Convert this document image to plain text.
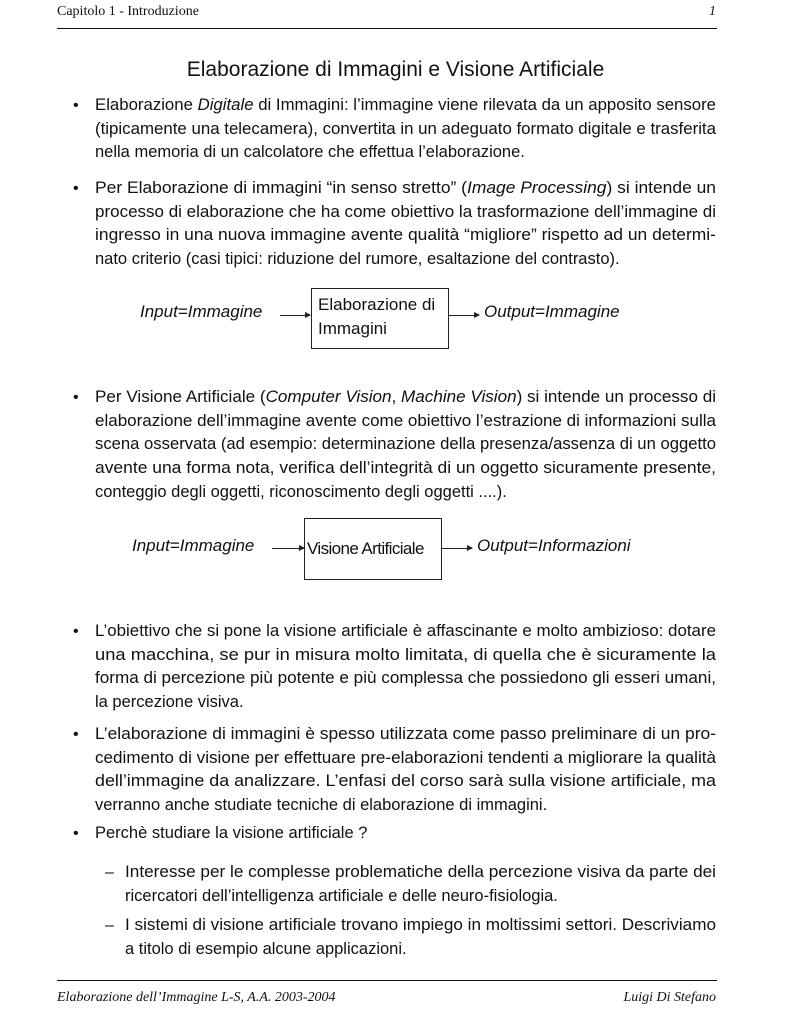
Capitolo 1 - Introduzione	1
Elaborazione di Immagini e Visione Artificiale
• Elaborazione Digitale di Immagini: l’immagine viene rilevata da un apposito sensore
(tipicamente una telecamera), convertita in un adeguato formato digitale e trasferita
nella memoria di un calcolatore che effettua l’elaborazione.
• Per Elaborazione di immagini “in senso stretto” (Image Processing) si intende un
processo di elaborazione che ha come obiettivo la trasformazione dell’immagine di
ingresso in una nuova immagine avente qualità “migliore” rispetto ad un determi-
nato criterio (casi tipici: riduzione del rumore, esaltazione del contrasto).
Input=Immagine	Elaborazione di
Immagini
Output=Immagine
• Per Visione Artificiale (Computer Vision, Machine Vision) si intende un processo di
elaborazione dell’immagine avente come obiettivo l’estrazione di informazioni sulla
scena osservata (ad esempio: determinazione della presenza/assenza di un oggetto
avente una forma nota, verifica dell’integrità di un oggetto sicuramente presente,
conteggio degli oggetti, riconoscimento degli oggetti ....).
Input=Immagine	Visione Artificiale	Output=Informazioni
• L’obiettivo che si pone la visione artificiale è affascinante e molto ambizioso: dotare
una macchina, se pur in misura molto limitata, di quella che è sicuramente la
forma di percezione più potente e più complessa che possiedono gli esseri umani,
la percezione visiva.
• L’elaborazione di immagini è spesso utilizzata come passo preliminare di un pro-
cedimento di visione per effettuare pre-elaborazioni tendenti a migliorare la qualità
dell’immagine da analizzare. L’enfasi del corso sarà sulla visione artificiale, ma
verranno anche studiate tecniche di elaborazione di immagini.
• Perchè studiare la visione artificiale ?
– Interesse per le complesse problematiche della percezione visiva da parte dei
ricercatori dell’intelligenza artificiale e delle neuro-fisiologia.
– I sistemi di visione artificiale trovano impiego in moltissimi settori. Descriviamo
a titolo di esempio alcune applicazioni.
Elaborazione dell’Immagine L-S, A.A. 2003-2004	Luigi Di Stefano
